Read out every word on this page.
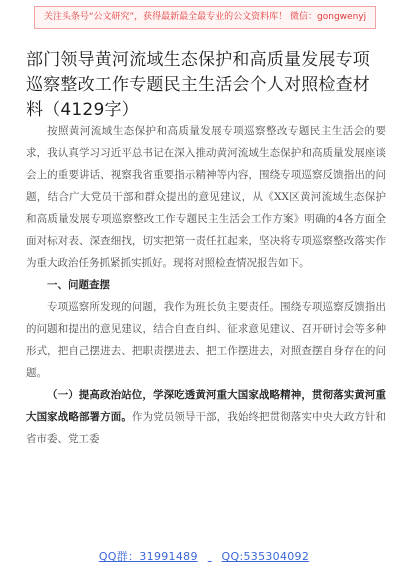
关注头条号“公文研究”，获得最新最全最专业的公文资料库！ 微信：gongwenyj
部门领导黄河流域生态保护和高质量发展专项巡察整改工作专题民主生活会个人对照检查材料（4129字）

按照黄河流域生态保护和高质量发展专项巡察整改专题民主生活会的要求，我认真学习习近平总书记在深入推动黄河流域生态保护和高质量发展座谈会上的重要讲话、视察我省重要指示精神等内容，围绕专项巡察反馈指出的问题，结合广大党员干部和群众提出的意见建议，从《XX区黄河流域生态保护和高质量发展专项巡察整改工作专题民主生活会工作方案》明确的4各方面全面对标对表、深查细找，切实把第一责任扛起来，坚决将专项巡察整改落实作为重大政治任务抓紧抓实抓好。现将对照检查情况报告如下。

一、问题查摆

专项巡察所发现的问题，我作为班长负主要责任。围绕专项巡察反馈指出的问题和提出的意见建议，结合自查自纠、征求意见建议、召开研讨会等多种形式，把自己摆进去、把职责摆进去、把工作摆进去，对照查摆自身存在的问题。

（一）提高政治站位，学深吃透黄河重大国家战略精神，贯彻落实黄河重大国家战略部署方面。作为党员领导干部，我始终把贯彻落实中央大政方针和省市委、党工委

QQ群：31991489 QQ:535304092
